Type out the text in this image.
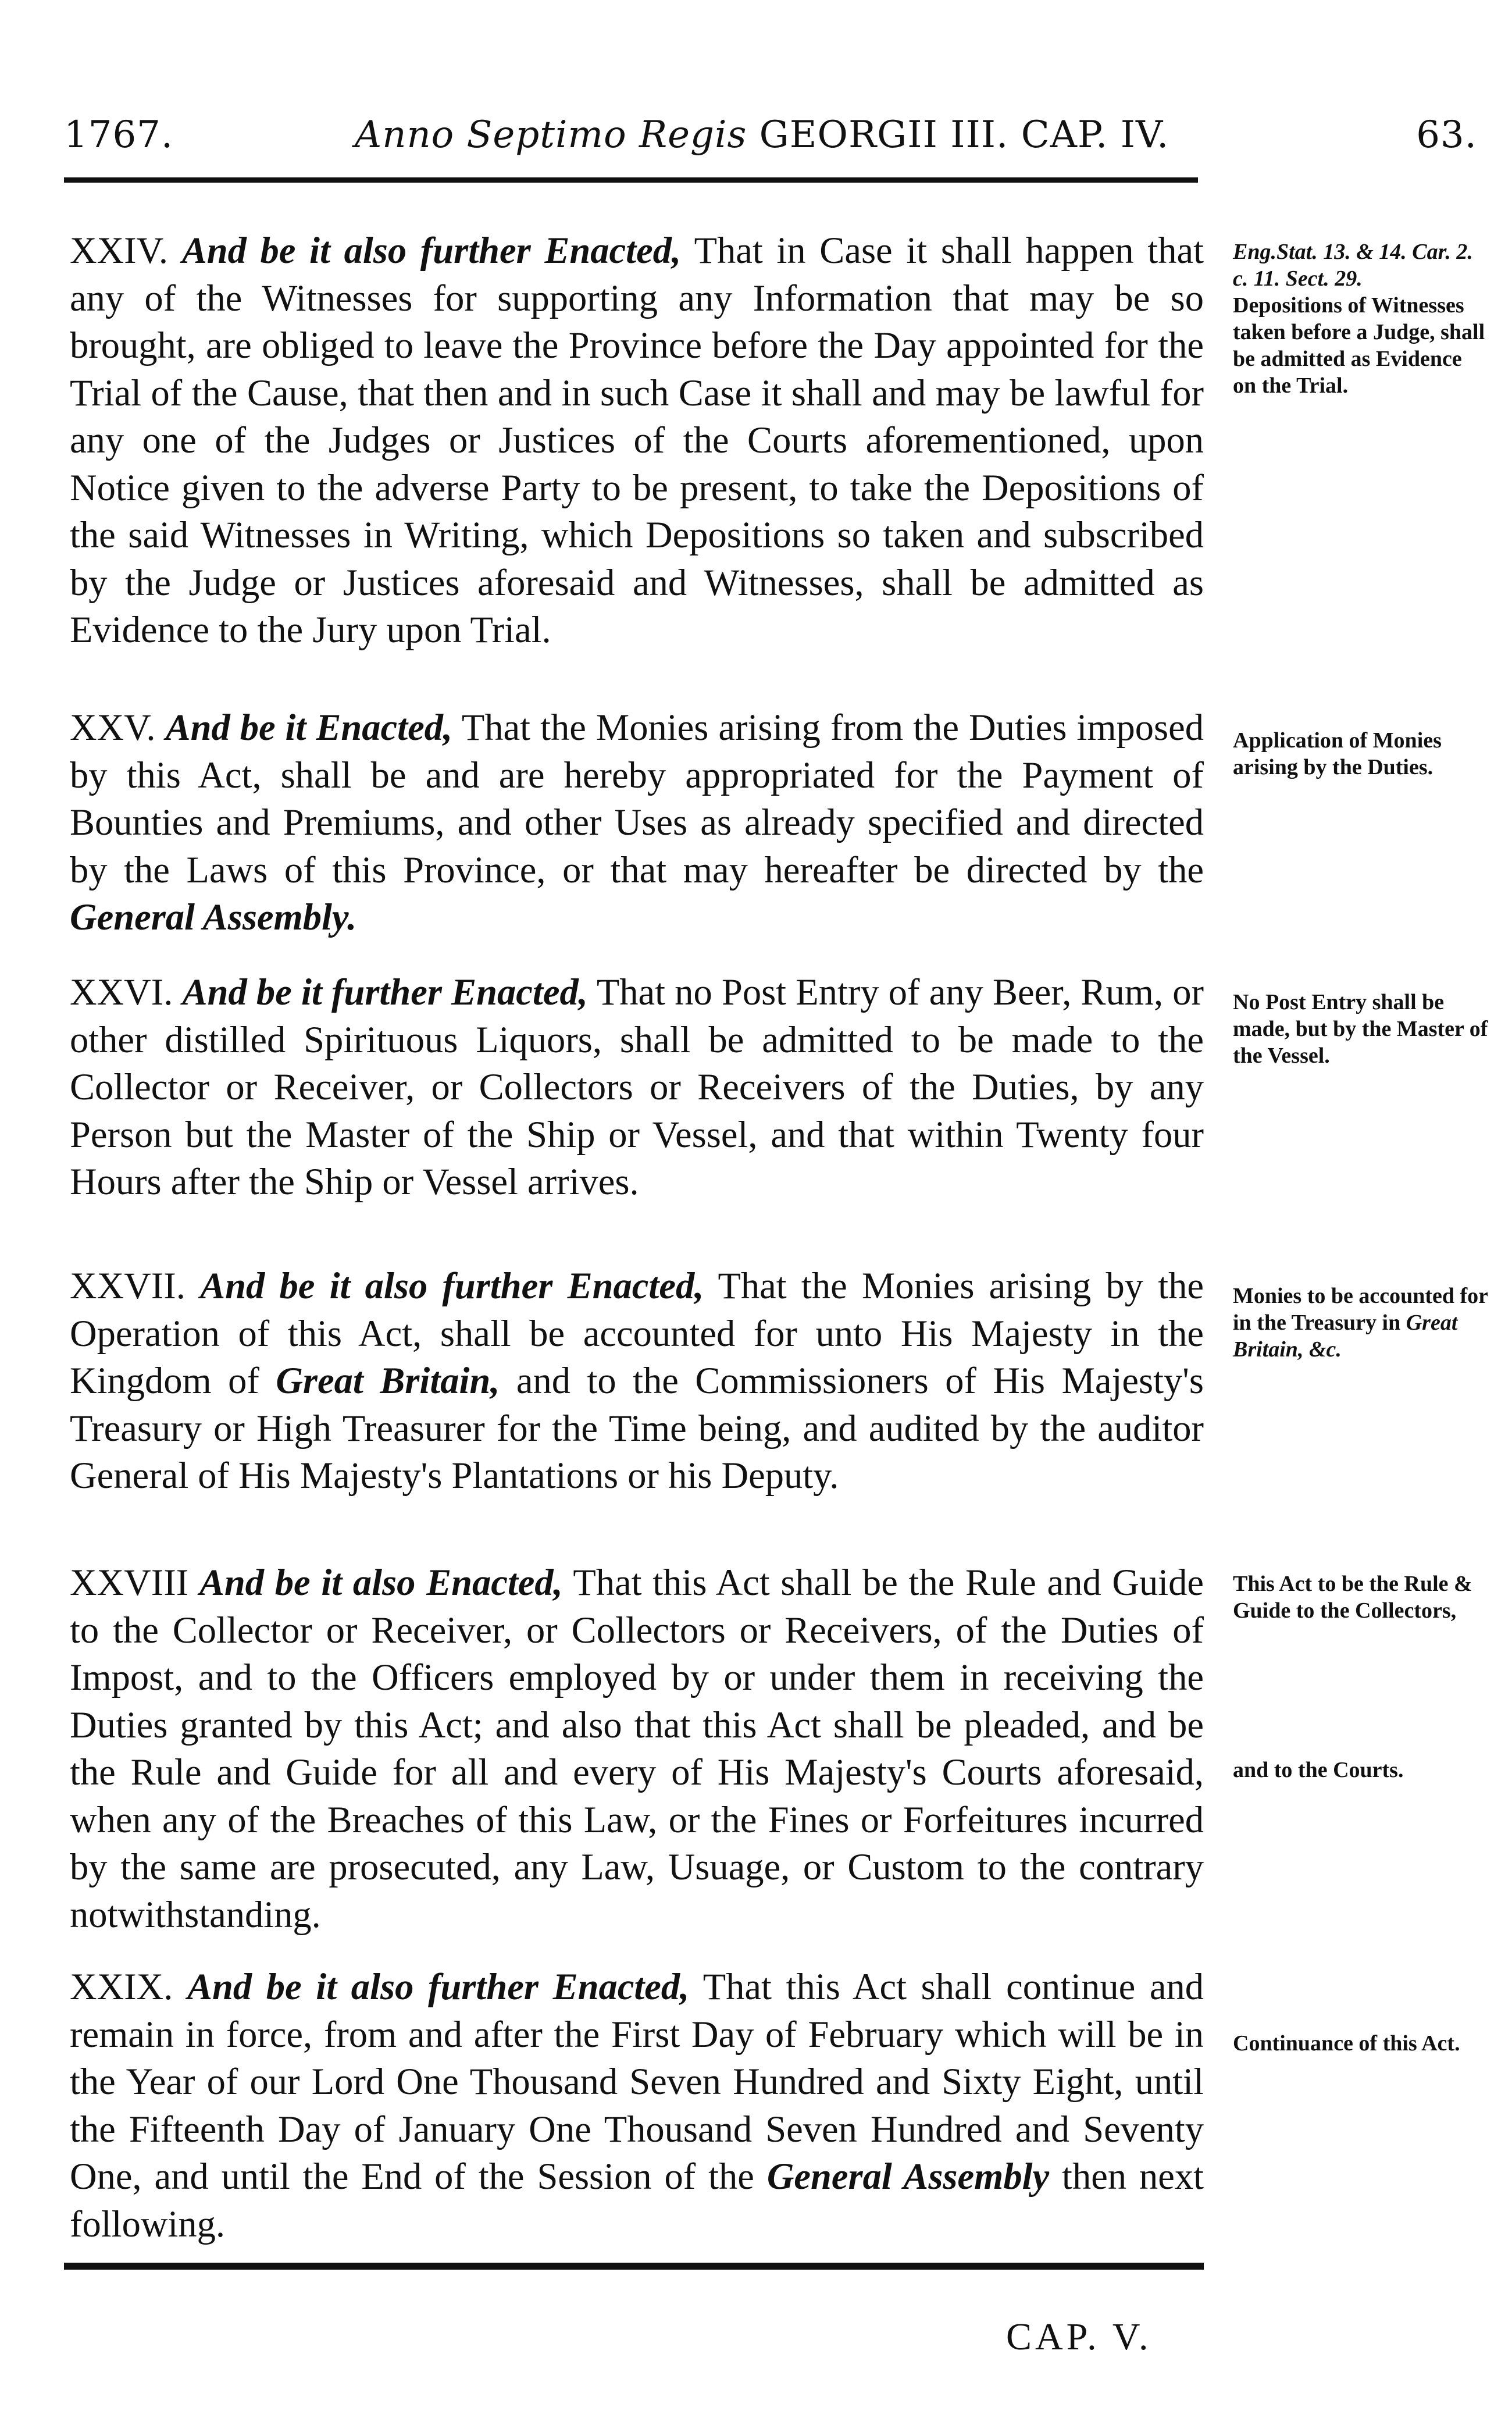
1767.	Anno Septimo Regis GEORGII III. CAP. IV.	63.
XXIV. And be it also further Enacted, That in Case it shall happen that any of the Witnesses for supporting any Information that may be so brought, are obliged to leave the Province before the Day appointed for the Trial of the Cause, that then and in such Case it shall and may be lawful for any one of the Judges or Justices of the Courts aforementioned, upon Notice given to the adverse Party to be present, to take the Depositions of the said Witnesses in Writing, which Depositions so taken and subscribed by the Judge or Justices aforesaid and Witnesses, shall be admitted as Evidence to the Jury upon Trial.
Eng.Stat. 13. & 14. Car. 2. c. 11. Sect. 29.
Depositions of Witnesses taken before a Judge, shall be admitted as Evidence on the Trial.
XXV. And be it Enacted, That the Monies arising from the Duties imposed by this Act, shall be and are hereby appropriated for the Payment of Bounties and Premiums, and other Uses as already specified and directed by the Laws of this Province, or that may hereafter be directed by the General Assembly.
Application of Monies arising by the Duties.
XXVI. And be it further Enacted, That no Post Entry of any Beer, Rum, or other distilled Spirituous Liquors, shall be admitted to be made to the Collector or Receiver, or Collectors or Receivers of the Duties, by any Person but the Master of the Ship or Vessel, and that within Twenty four Hours after the Ship or Vessel arrives.
No Post Entry shall be made, but by the Master of the Vessel.
XXVII. And be it also further Enacted, That the Monies arising by the Operation of this Act, shall be accounted for unto His Majesty in the Kingdom of Great Britain, and to the Commissioners of His Majesty's Treasury or High Treasurer for the Time being, and audited by the auditor General of His Majesty's Plantations or his Deputy.
Monies to be accounted for in the Treasury in Great Britain, &c.
XXVIII And be it also Enacted, That this Act shall be the Rule and Guide to the Collector or Receiver, or Collectors or Receivers, of the Duties of Impost, and to the Officers employed by or under them in receiving the Duties granted by this Act; and also that this Act shall be pleaded, and be the Rule and Guide for all and every of His Majesty's Courts aforesaid, when any of the Breaches of this Law, or the Fines or Forfeitures incurred by the same are prosecuted, any Law, Usuage, or Custom to the contrary notwithstanding.
This Act to be the Rule & Guide to the Collectors,
and to the Courts.
XXIX. And be it also further Enacted, That this Act shall continue and remain in force, from and after the First Day of February which will be in the Year of our Lord One Thousand Seven Hundred and Sixty Eight, until the Fifteenth Day of January One Thousand Seven Hundred and Seventy One, and until the End of the Session of the General Assembly then next following.
Continuance of this Act.
CAP. V.
